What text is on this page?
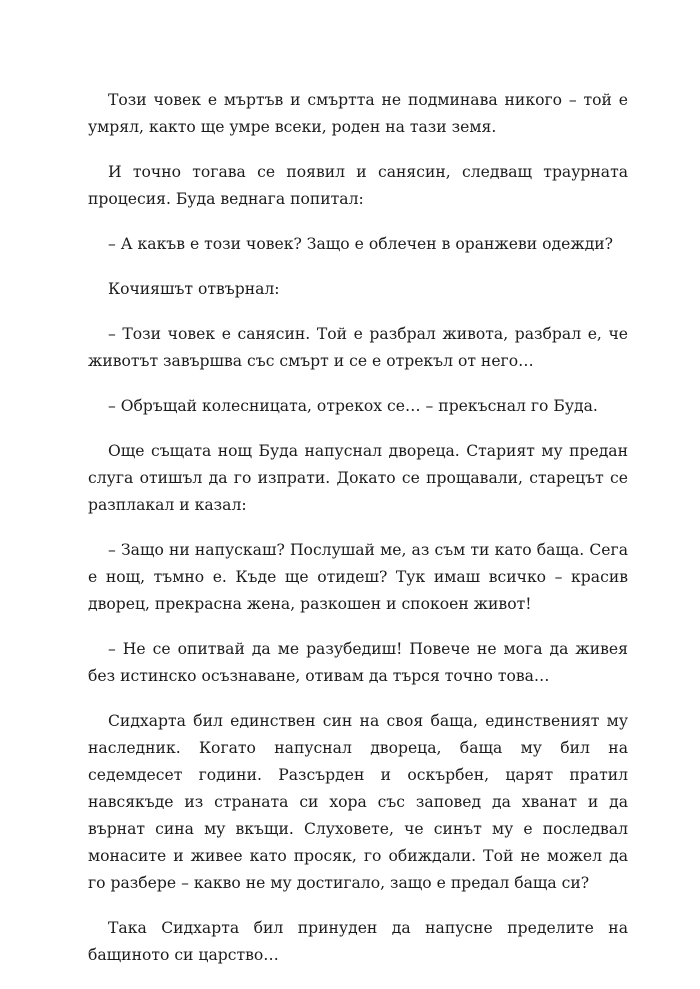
Този човек е мъртъв и смъртта не подминава никого – той е умрял, както ще умре всеки, роден на тази земя.

И точно тогава се появил и санясин, следващ траурната процесия. Буда веднага попитал:

– А какъв е този човек? Защо е облечен в оранжеви одежди?

Кочияшът отвърнал:

– Този човек е санясин. Той е разбрал живота, разбрал е, че животът завършва със смърт и се е отрекъл от него…

– Обръщай колесницата, отрекох се… – прекъснал го Буда.

Още същата нощ Буда напуснал двореца. Старият му предан слуга отишъл да го изпрати. Докато се прощавали, старецът се разплакал и казал:

– Защо ни напускаш? Послушай ме, аз съм ти като баща. Сега е нощ, тъмно е. Къде ще отидеш? Тук имаш всичко – красив дворец, прекрасна жена, разкошен и спокоен живот!

– Не се опитвай да ме разубедиш! Повече не мога да живея без истинско осъзнаване, отивам да търся точно това…

Сидхарта бил единствен син на своя баща, единственият му наследник. Когато напуснал двореца, баща му бил на седемдесет години. Разсърден и оскърбен, царят пратил навсякъде из страната си хора със заповед да хванат и да върнат сина му вкъщи. Слуховете, че синът му е последвал монасите и живее като просяк, го обиждали. Той не можел да го разбере – какво не му достигало, защо е предал баща си?

Така Сидхарта бил принуден да напусне пределите на бащиното си царство…
